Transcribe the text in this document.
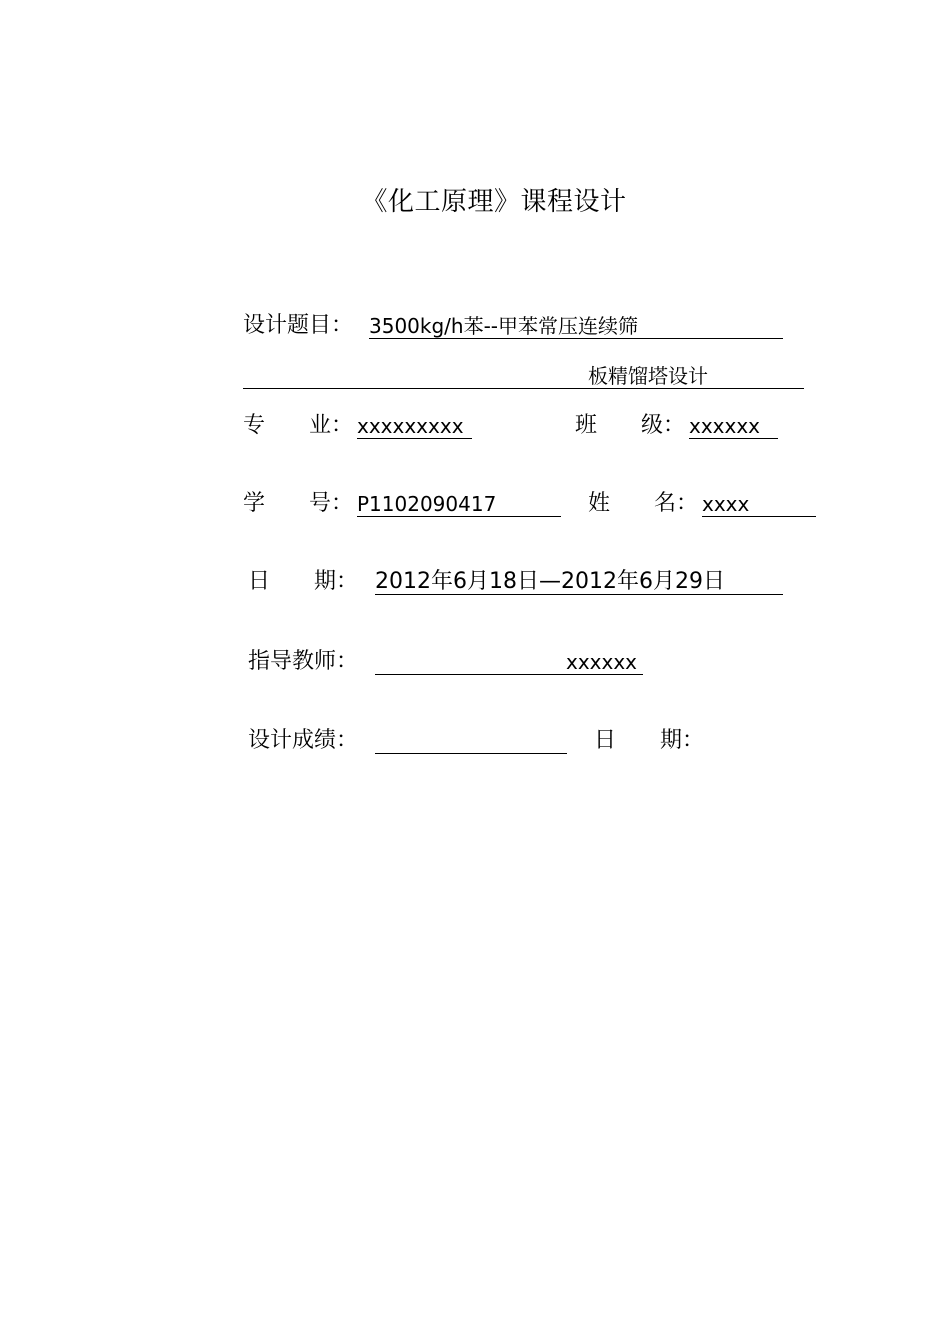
《化工原理》课程设计
设计题目： 3500kg/h苯--甲苯常压连续筛
板精馏塔设计
专　　业： xxxxxxxxx	班　　级： xxxxxx
学　　号： P1102090417	姓　　名： xxxx
日　　期： 2012年6月18日—2012年6月29日
指导教师：	xxxxxx
设计成绩：	日　　期：
